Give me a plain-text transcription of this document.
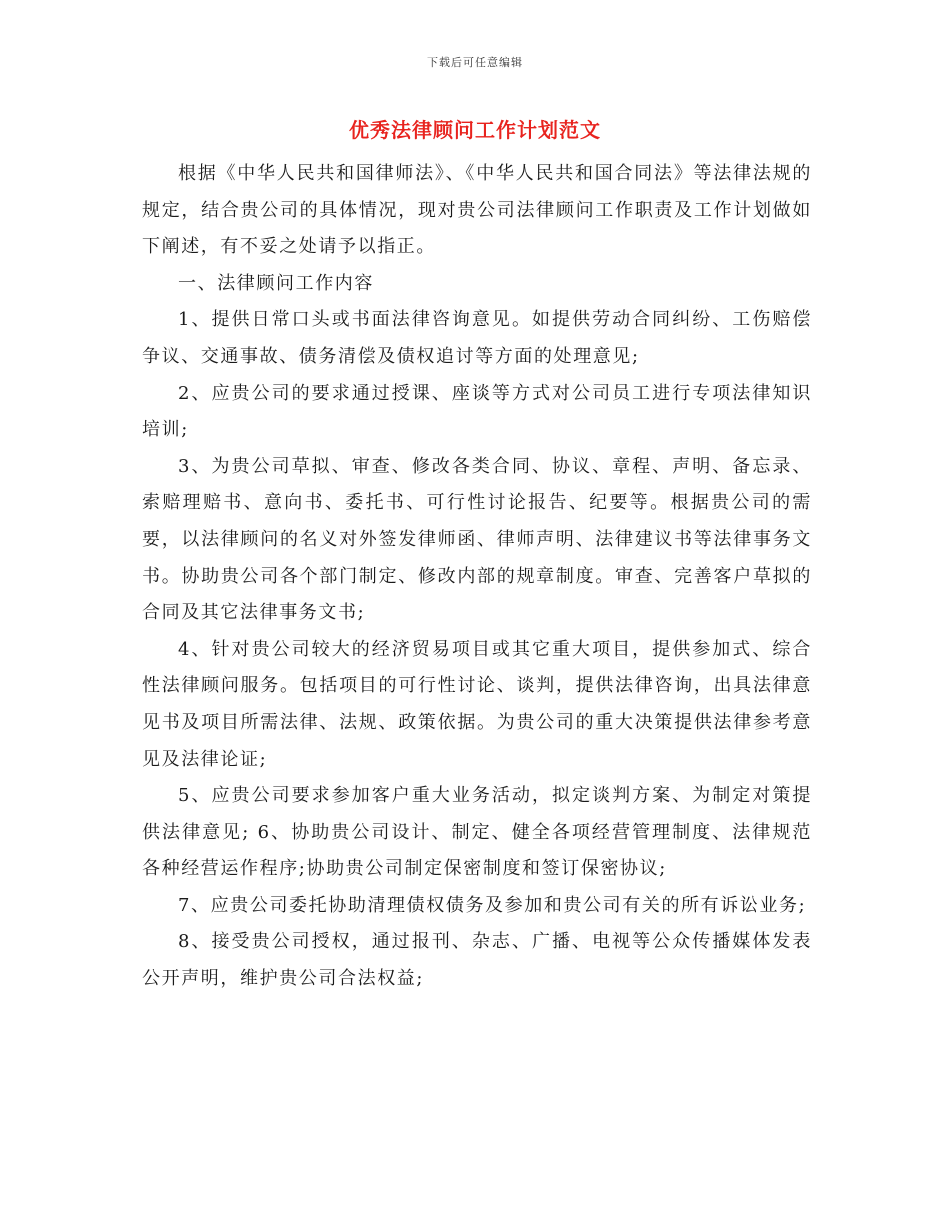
下载后可任意编辑
优秀法律顾问工作计划范文

根据《中华人民共和国律师法》、《中华人民共和国合同法》等法律法规的规定，结合贵公司的具体情况，现对贵公司法律顾问工作职责及工作计划做如下阐述，有不妥之处请予以指正。

一、法律顾问工作内容

1、提供日常口头或书面法律咨询意见。如提供劳动合同纠纷、工伤赔偿争议、交通事故、债务清偿及债权追讨等方面的处理意见;

2、应贵公司的要求通过授课、座谈等方式对公司员工进行专项法律知识培训;

3、为贵公司草拟、审查、修改各类合同、协议、章程、声明、备忘录、索赔理赔书、意向书、委托书、可行性讨论报告、纪要等。根据贵公司的需要，以法律顾问的名义对外签发律师函、律师声明、法律建议书等法律事务文书。协助贵公司各个部门制定、修改内部的规章制度。审查、完善客户草拟的合同及其它法律事务文书;

4、针对贵公司较大的经济贸易项目或其它重大项目，提供参加式、综合性法律顾问服务。包括项目的可行性讨论、谈判，提供法律咨询，出具法律意见书及项目所需法律、法规、政策依据。为贵公司的重大决策提供法律参考意见及法律论证;

5、应贵公司要求参加客户重大业务活动，拟定谈判方案、为制定对策提供法律意见; 6、协助贵公司设计、制定、健全各项经营管理制度、法律规范各种经营运作程序;协助贵公司制定保密制度和签订保密协议;

7、应贵公司委托协助清理债权债务及参加和贵公司有关的所有诉讼业务;

8、接受贵公司授权，通过报刊、杂志、广播、电视等公众传播媒体发表公开声明，维护贵公司合法权益;
